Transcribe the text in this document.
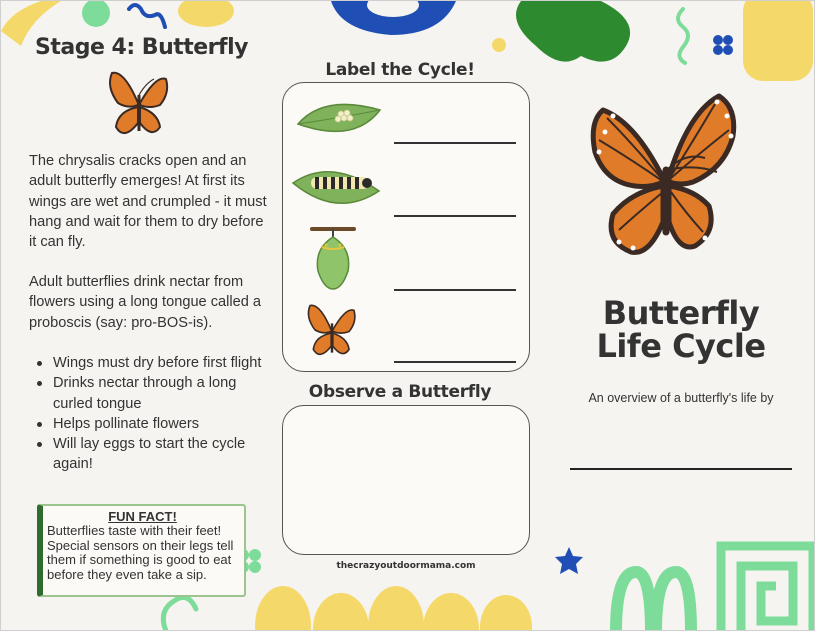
Stage 4: Butterfly
The chrysalis cracks open and an adult butterfly emerges! At first its wings are wet and crumpled - it must hang and wait for them to dry before it can fly.
Adult butterflies drink nectar from flowers using a long tongue called a proboscis (say: pro-BOS-is).
Wings must dry before first flight
Drinks nectar through a long curled tongue
Helps pollinate flowers
Will lay eggs to start the cycle again!
FUN FACT!
Butterflies taste with their feet! Special sensors on their legs tell them if something is good to eat before they even take a sip.
Label the Cycle!
Observe a Butterfly
thecrazyoutdoormama.com
Butterfly
Life Cycle
An overview of a butterfly's life by
